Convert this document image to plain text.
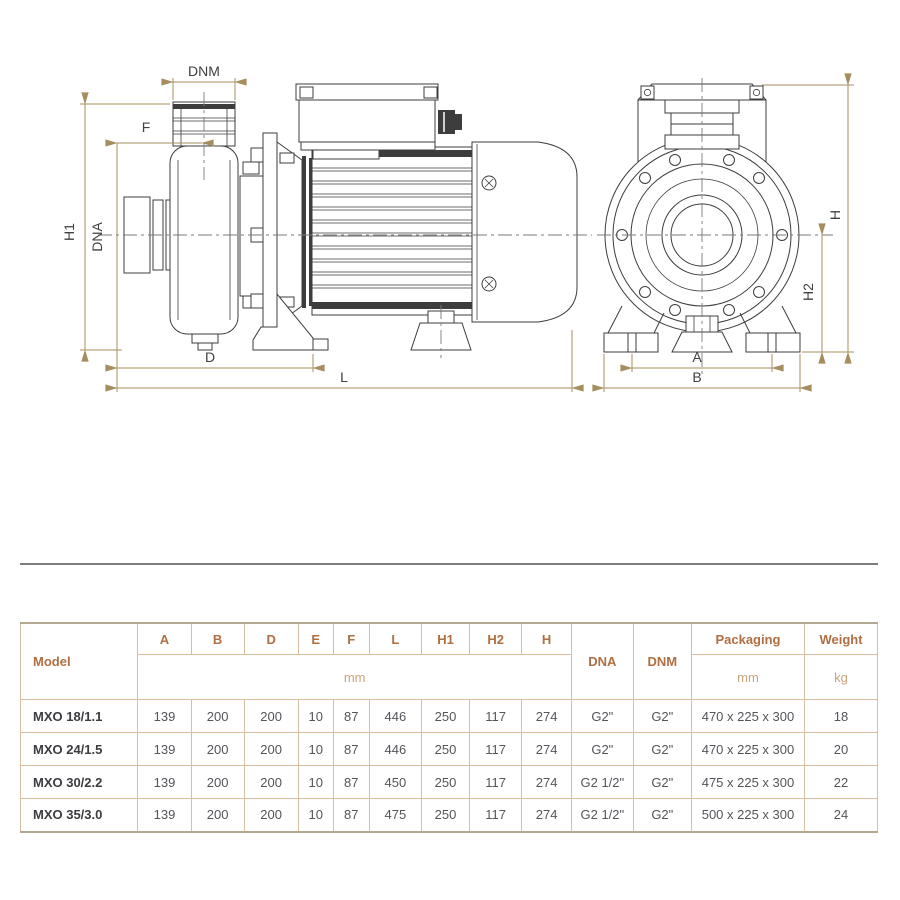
DNM
H1
F
DNA
D
L
H
H2
A
B
Model	A	B	D	E	F	L	H1	H2	H	DNA	DNM	Packaging	Weight
	mm											mm	kg
MXO 18/1.1	139	200	200	10	87	446	250	117	274	G2"	G2"	470 x 225 x 300	18
MXO 24/1.5	139	200	200	10	87	446	250	117	274	G2"	G2"	470 x 225 x 300	20
MXO 30/2.2	139	200	200	10	87	450	250	117	274	G2 1/2"	G2"	475 x 225 x 300	22
MXO 35/3.0	139	200	200	10	87	475	250	117	274	G2 1/2"	G2"	500 x 225 x 300	24
